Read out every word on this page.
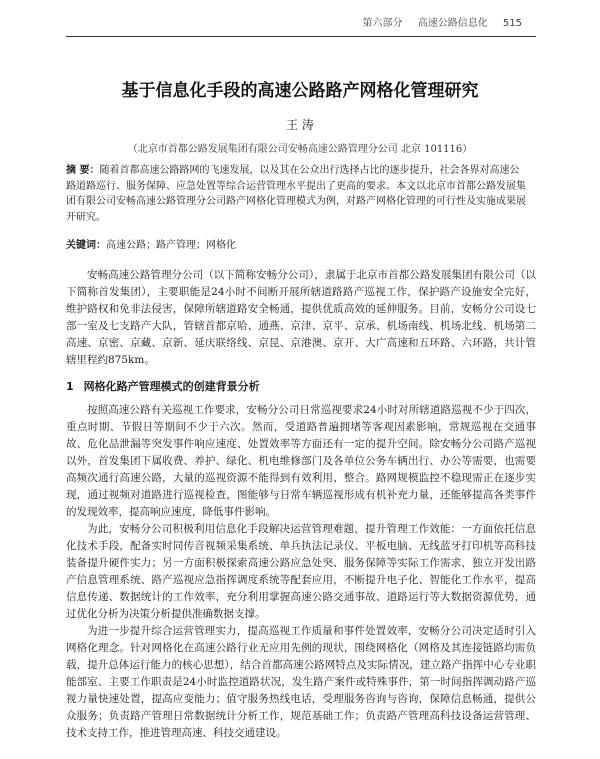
第六部分 高速公路信息化 515
基于信息化手段的高速公路路产网格化管理研究
王 涛
（北京市首都公路发展集团有限公司安畅高速公路管理分公司 北京 101116）

摘 要：随着首都高速公路路网的飞速发展，以及其在公众出行选择占比的逐步提升，社会各界对高速公路道路巡行、服务保障、应急处置等综合运营管理水平提出了更高的要求。本文以北京市首都公路发展集团有限公司安畅高速公路管理分公司路产网格化管理模式为例，对路产网格化管理的可行性及实施成果展开研究。

关键词：高速公路；路产管理；网格化

安畅高速公路管理分公司（以下简称安畅分公司），隶属于北京市首都公路发展集团有限公司（以下简称首发集团），主要职能是24小时不间断开展所辖道路路产巡视工作，保护路产设施安全完好，维护路权和免非法侵害，保障所辖道路安全畅通，提供优质高效的延伸服务。目前，安畅分公司设七部一室及七支路产大队，管辖首都京哈、通燕、京津、京平、京承、机场南线、机场北线、机场第二高速、京密、京藏、京新、延庆联络线、京昆、京港澳、京开、大广高速和五环路、六环路，共计管辖里程约875km。

1 网格化路产管理模式的创建背景分析

按照高速公路有关巡视工作要求，安畅分公司日常巡视要求24小时对所辖道路巡视不少于四次，重点时期、节假日等期间不少于六次。然而，受道路普遍拥堵等客观因素影响，常规巡视在交通事故、危化品泄漏等突发事件响应速度、处置效率等方面还有一定的提升空间。除安畅分公司路产巡视以外，首发集团下属收费、养护、绿化、机电维修部门及各单位公务车辆出行、办公等需要，也需要高频次通行高速公路，大量的巡视资源不能得到有效利用、整合。路网规模监控不稳现需正在逐步实现，通过视频对道路进行巡视检查，图能够与日常车辆巡视形成有机补充力量，还能够提高各类事件的发现效率，提高响应速度，降低事件影响。

为此，安畅分公司积极利用信息化手段解决运营管理难题，提升管理工作效能：一方面依托信息化技术手段，配备实时同传音视频采集系统、单兵执法记录仪、平板电脑、无线蓝牙打印机等高科技装备提升硬件实力；另一方面积极探索高速公路应急处突、服务保障等实际工作需求，独立开发出路产信息管理系统、路产巡视应急指挥调度系统等配套应用，不断提升电子化、智能化工作水平，提高信息传递、数据统计的工作效率，充分利用掌握高速公路交通事故、道路运行等大数据资源优势，通过优化分析为决策分析提供准确数据支撑。

为进一步提升综合运营管理实力，提高巡视工作质量和事件处置效率，安畅分公司决定适时引入网格化理念。针对网格化在高速公路行业无应用先例的现状，围绕网格化（网格及其连接链路均需负载，提升总体运行能力的核心思想），结合首都高速公路网特点及实际情况，建立路产指挥中心专业职能部室、主要工作职责是24小时监控道路状况，发生路产案件或特殊事件，第一时间指挥调动路产巡视力量快速处置，提高应变能力；值守服务热线电话，受理服务咨询与咨询，保障信息畅通，提供公众服务；负责路产管理日常数据统计分析工作，规范基础工作；负责路产管理高科技设备运营管理、技术支持工作，推进管理高速、科技交通建设。
